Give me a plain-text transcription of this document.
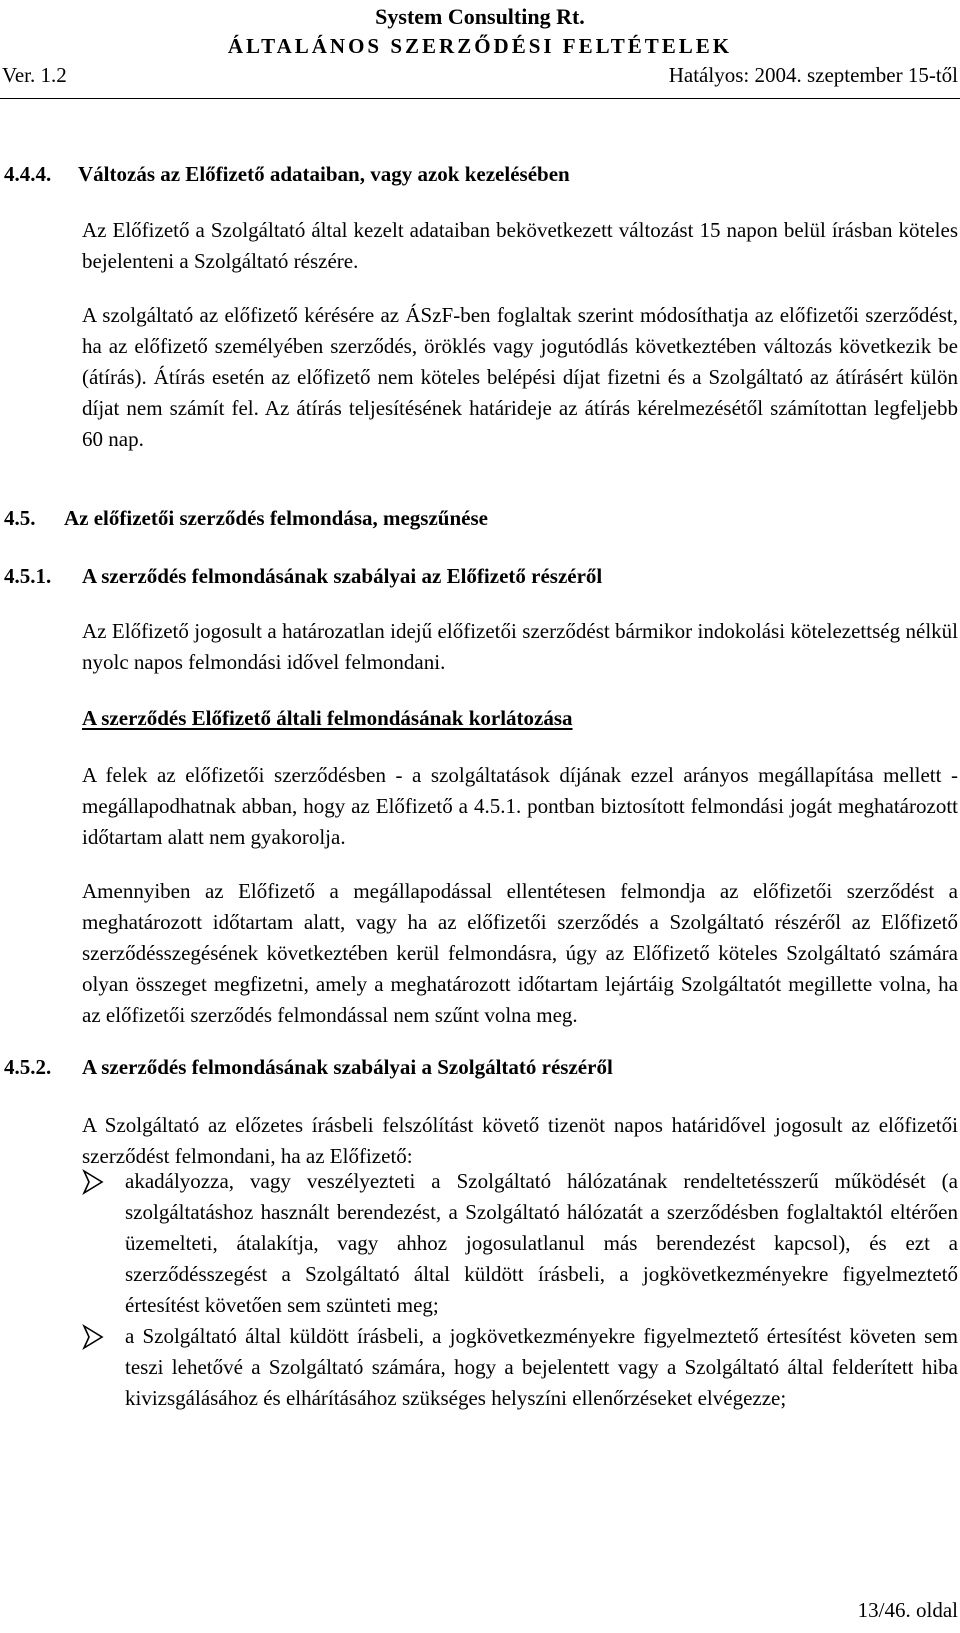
System Consulting Rt.
ÁLTALÁNOS SZERZŐDÉSI FELTÉTELEK
Ver. 1.2	Hatályos: 2004. szeptember 15-től
4.4.4. Változás az Előfizető adataiban, vagy azok kezelésében

Az Előfizető a Szolgáltató által kezelt adataiban bekövetkezett változást 15 napon belül írásban köteles bejelenteni a Szolgáltató részére.

A szolgáltató az előfizető kérésére az ÁSzF-ben foglaltak szerint módosíthatja az előfizetői szerződést, ha az előfizető személyében szerződés, öröklés vagy jogutódlás következtében változás következik be (átírás). Átírás esetén az előfizető nem köteles belépési díjat fizetni és a Szolgáltató az átírásért külön díjat nem számít fel. Az átírás teljesítésének határideje az átírás kérelmezésétől számítottan legfeljebb 60 nap.

4.5. Az előfizetői szerződés felmondása, megszűnése
4.5.1. A szerződés felmondásának szabályai az Előfizető részéről

Az Előfizető jogosult a határozatlan idejű előfizetői szerződést bármikor indokolási kötelezettség nélkül nyolc napos felmondási idővel felmondani.

A szerződés Előfizető általi felmondásának korlátozása

A felek az előfizetői szerződésben - a szolgáltatások díjának ezzel arányos megállapítása mellett - megállapodhatnak abban, hogy az Előfizető a 4.5.1. pontban biztosított felmondási jogát meghatározott időtartam alatt nem gyakorolja.

Amennyiben az Előfizető a megállapodással ellentétesen felmondja az előfizetői szerződést a meghatározott időtartam alatt, vagy ha az előfizetői szerződés a Szolgáltató részéről az Előfizető szerződésszegésének következtében kerül felmondásra, úgy az Előfizető köteles Szolgáltató számára olyan összeget megfizetni, amely a meghatározott időtartam lejártáig Szolgáltatót megillette volna, ha az előfizetői szerződés felmondással nem szűnt volna meg.

4.5.2. A szerződés felmondásának szabályai a Szolgáltató részéről

A Szolgáltató az előzetes írásbeli felszólítást követő tizenöt napos határidővel jogosult az előfizetői szerződést felmondani, ha az Előfizető:

akadályozza, vagy veszélyezteti a Szolgáltató hálózatának rendeltetésszerű működését (a szolgáltatáshoz használt berendezést, a Szolgáltató hálózatát a szerződésben foglaltaktól eltérően üzemelteti, átalakítja, vagy ahhoz jogosulatlanul más berendezést kapcsol), és ezt a szerződésszegést a Szolgáltató által küldött írásbeli, a jogkövetkezményekre figyelmeztető értesítést követően sem szünteti meg;
a Szolgáltató által küldött írásbeli, a jogkövetkezményekre figyelmeztető értesítést követen sem teszi lehetővé a Szolgáltató számára, hogy a bejelentett vagy a Szolgáltató által felderített hiba kivizsgálásához és elhárításához szükséges helyszíni ellenőrzéseket elvégezze;
13/46. oldal
